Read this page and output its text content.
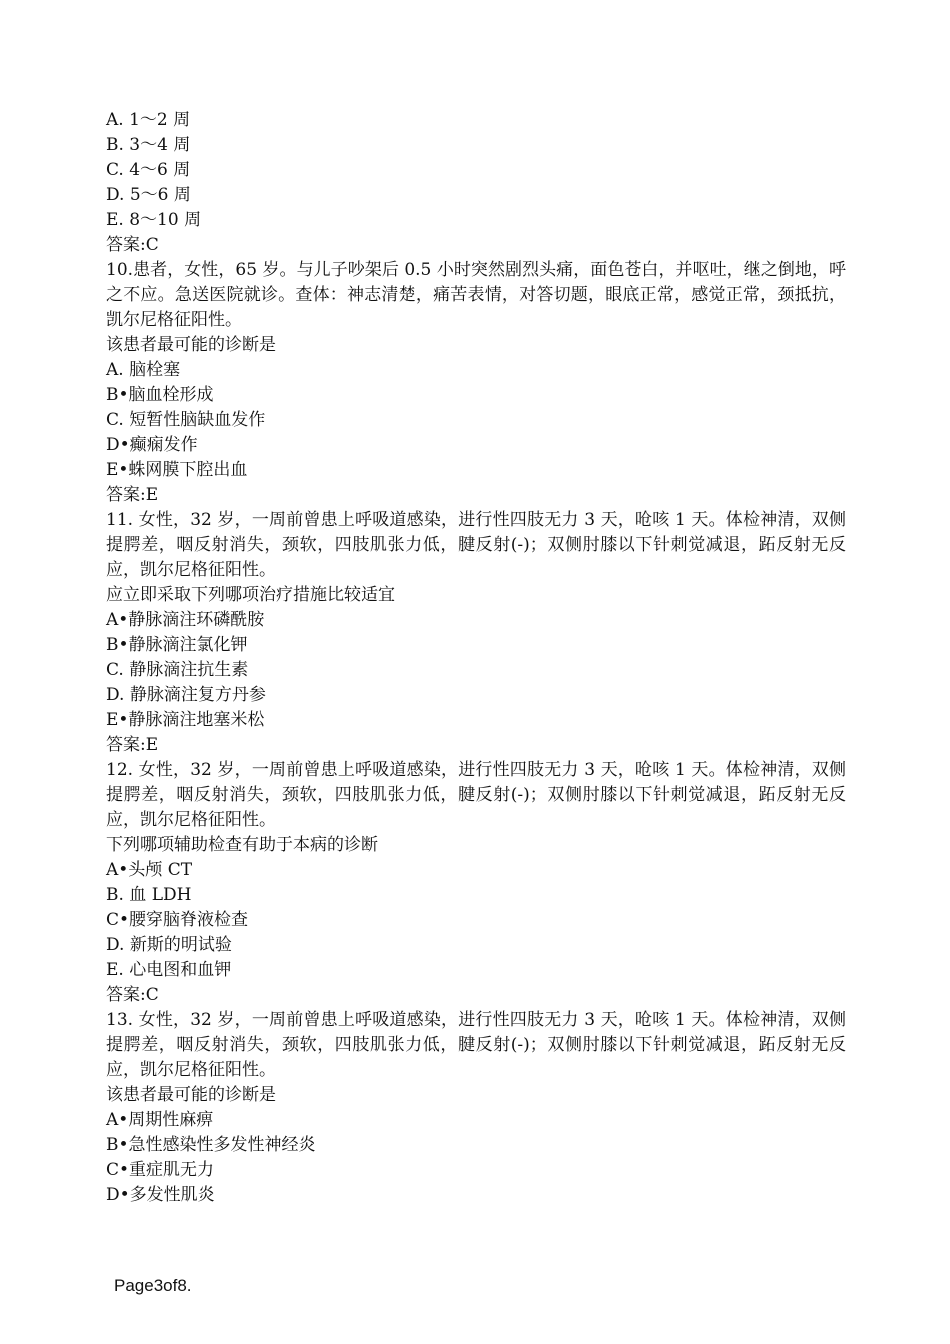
A. 1〜2 周
B. 3〜4 周
C. 4〜6 周
D. 5〜6 周
E. 8〜10 周
答案:C
10.患者，女性，65 岁。与儿子吵架后 0.5 小时突然剧烈头痛，面色苍白，并呕吐，继之倒地，呼之不应。急送医院就诊。查体：神志清楚，痛苦表情，对答切题，眼底正常，感觉正常，颈抵抗，凯尔尼格征阳性。
该患者最可能的诊断是
A. 脑栓塞
B•脑血栓形成
C. 短暂性脑缺血发作
D•癫痫发作
E•蛛网膜下腔出血
答案:E
11. 女性，32 岁，一周前曾患上呼吸道感染，进行性四肢无力 3 天，呛咳 1 天。体检神清，双侧提腭差，咽反射消失，颈软，四肢肌张力低，腱反射(-)；双侧肘膝以下针刺觉减退，跖反射无反应，凯尔尼格征阳性。
应立即采取下列哪项治疗措施比较适宜
A•静脉滴注环磷酰胺
B•静脉滴注氯化钾
C. 静脉滴注抗生素
D. 静脉滴注复方丹参
E•静脉滴注地塞米松
答案:E
12. 女性，32 岁，一周前曾患上呼吸道感染，进行性四肢无力 3 天，呛咳 1 天。体检神清，双侧提腭差，咽反射消失，颈软，四肢肌张力低，腱反射(-)；双侧肘膝以下针刺觉减退，跖反射无反应，凯尔尼格征阳性。
下列哪项辅助检查有助于本病的诊断
A•头颅 CT
B. 血 LDH
C•腰穿脑脊液检查
D. 新斯的明试验
E. 心电图和血钾
答案:C
13. 女性，32 岁，一周前曾患上呼吸道感染，进行性四肢无力 3 天，呛咳 1 天。体检神清，双侧提腭差，咽反射消失，颈软，四肢肌张力低，腱反射(-)；双侧肘膝以下针刺觉减退，跖反射无反应，凯尔尼格征阳性。
该患者最可能的诊断是
A•周期性麻痹
B•急性感染性多发性神经炎
C•重症肌无力
D•多发性肌炎
Page3of8.
